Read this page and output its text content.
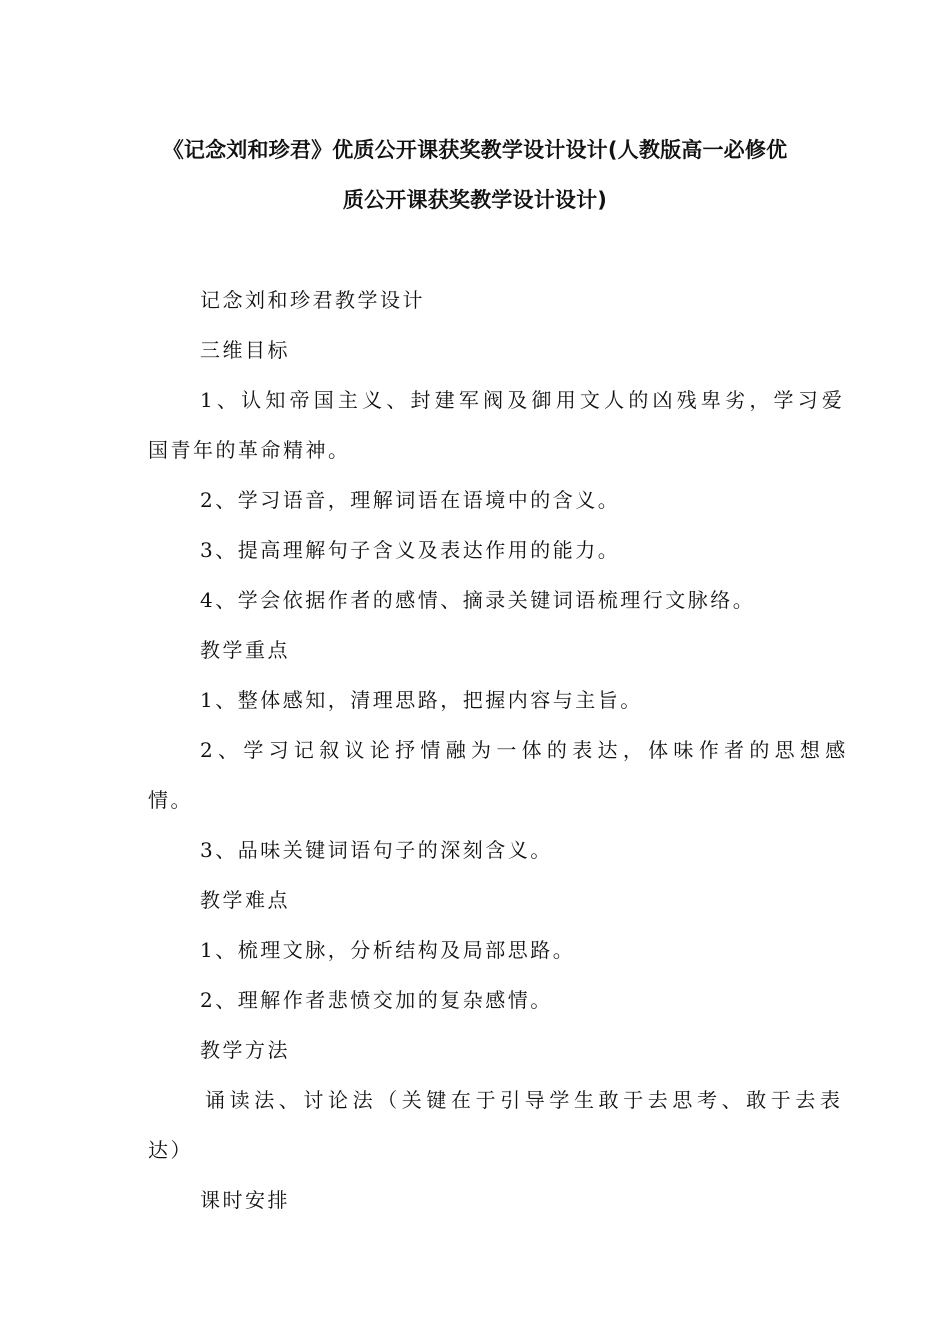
《记念刘和珍君》优质公开课获奖教学设计设计(人教版高一必修优
质公开课获奖教学设计设计)
记念刘和珍君教学设计
三维目标
1、认知帝国主义、封建军阀及御用文人的凶残卑劣，学习爱
国青年的革命精神。
2、学习语音，理解词语在语境中的含义。
3、提高理解句子含义及表达作用的能力。
4、学会依据作者的感情、摘录关键词语梳理行文脉络。
教学重点
1、整体感知，清理思路，把握内容与主旨。
2、学习记叙议论抒情融为一体的表达，体味作者的思想感
情。
3、品味关键词语句子的深刻含义。
教学难点
1、梳理文脉，分析结构及局部思路。
2、理解作者悲愤交加的复杂感情。
教学方法
诵读法、讨论法（关键在于引导学生敢于去思考、敢于去表
达）
课时安排
